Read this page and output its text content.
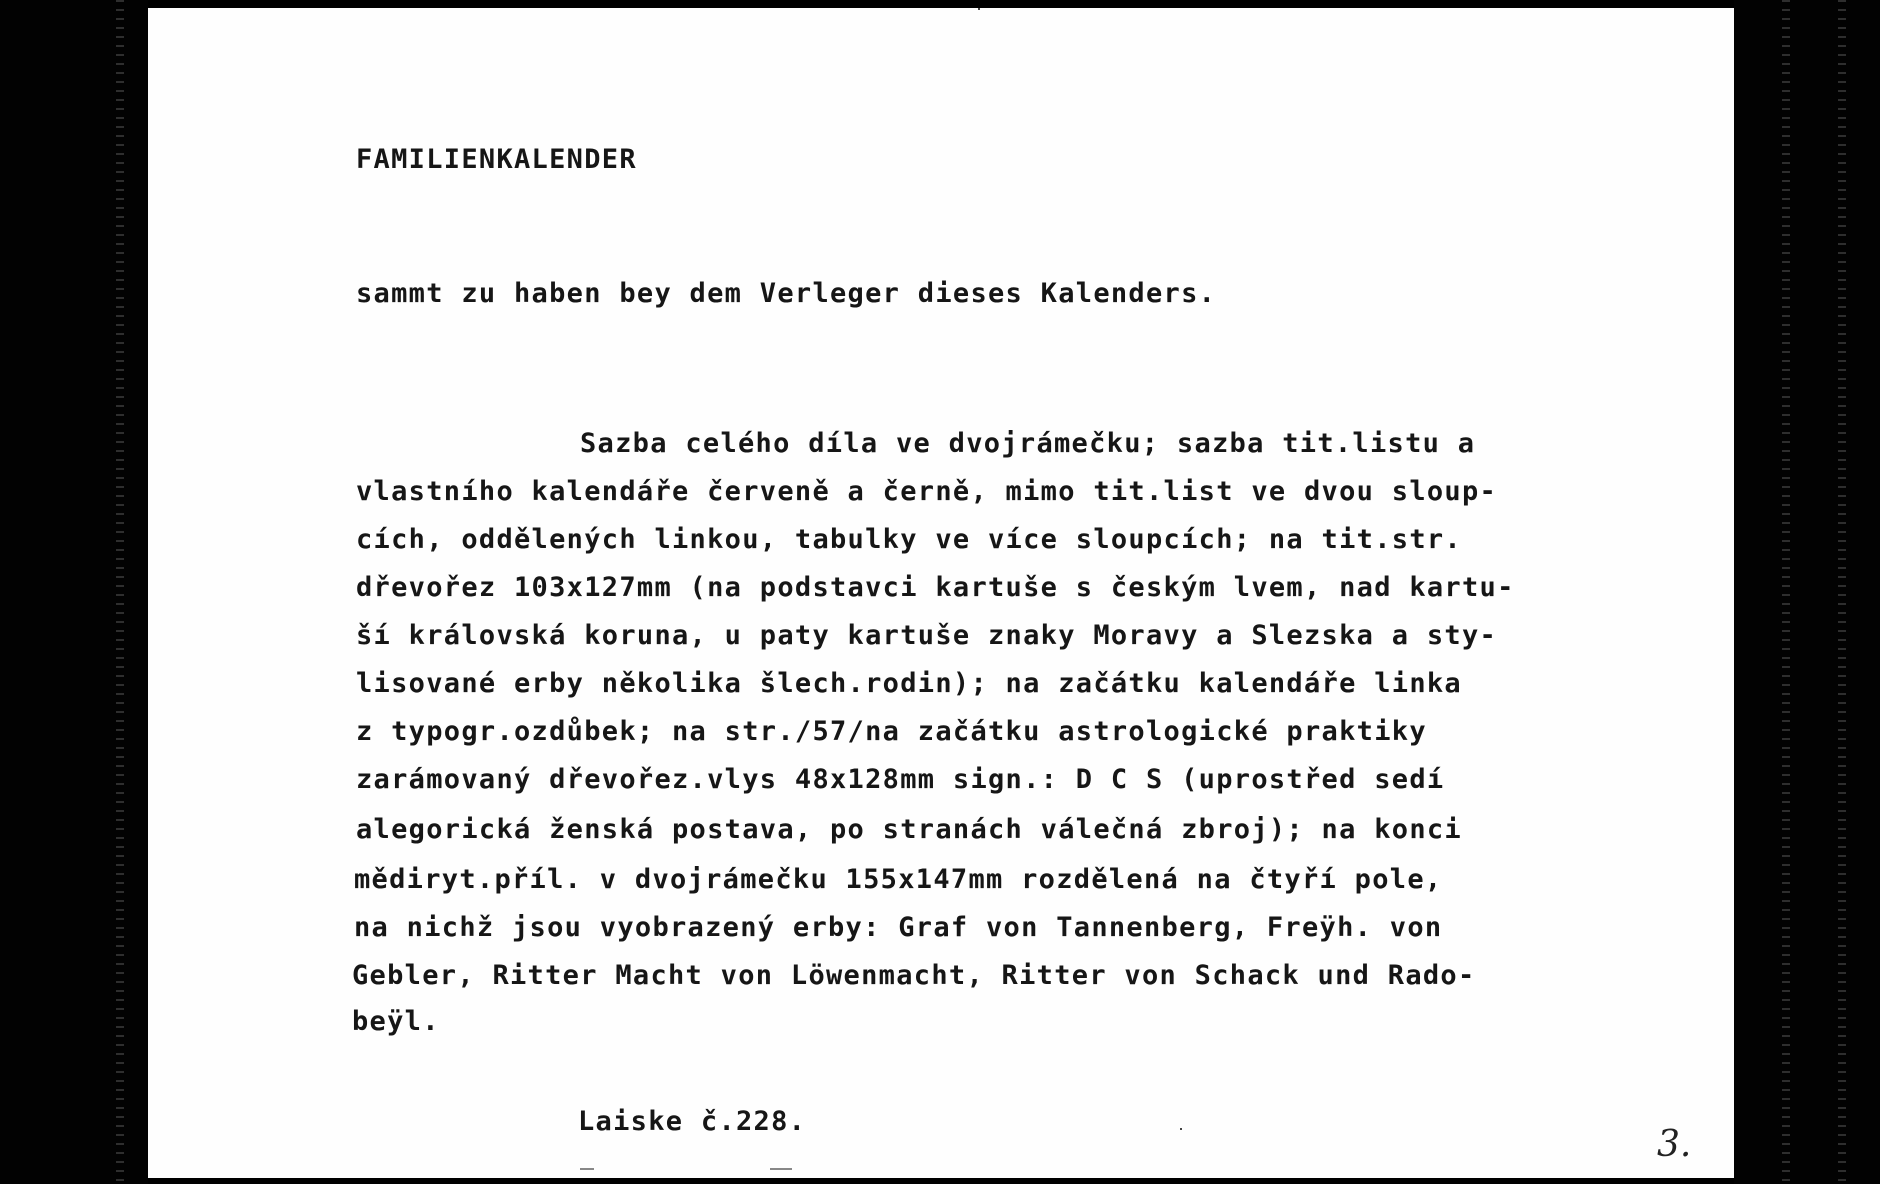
FAMILIENKALENDER
sammt zu haben bey dem Verleger dieses Kalenders.
Sazba celého díla ve dvojrámečku; sazba tit.listu a
vlastního kalendáře červeně a černě, mimo tit.list ve dvou sloup-
cích, oddělených linkou, tabulky ve více sloupcích; na tit.str.
dřevořez 103x127mm (na podstavci kartuše s českým lvem, nad kartu-
ší královská koruna, u paty kartuše znaky Moravy a Slezska a sty-
lisované erby několika šlech.rodin); na začátku kalendáře linka
z typogr.ozdůbek; na str./57/na začátku astrologické praktiky
zarámovaný dřevořez.vlys 48x128mm sign.: D C S (uprostřed sedí
alegorická ženská postava, po stranách válečná zbroj); na konci
mědiryt.příl. v dvojrámečku 155x147mm rozdělená na čtyří pole,
na nichž jsou vyobrazený erby: Graf von Tannenberg, Freÿh. von
Gebler, Ritter Macht von Löwenmacht, Ritter von Schack und Rado-
beÿl.
Laiske č.228.
3.
